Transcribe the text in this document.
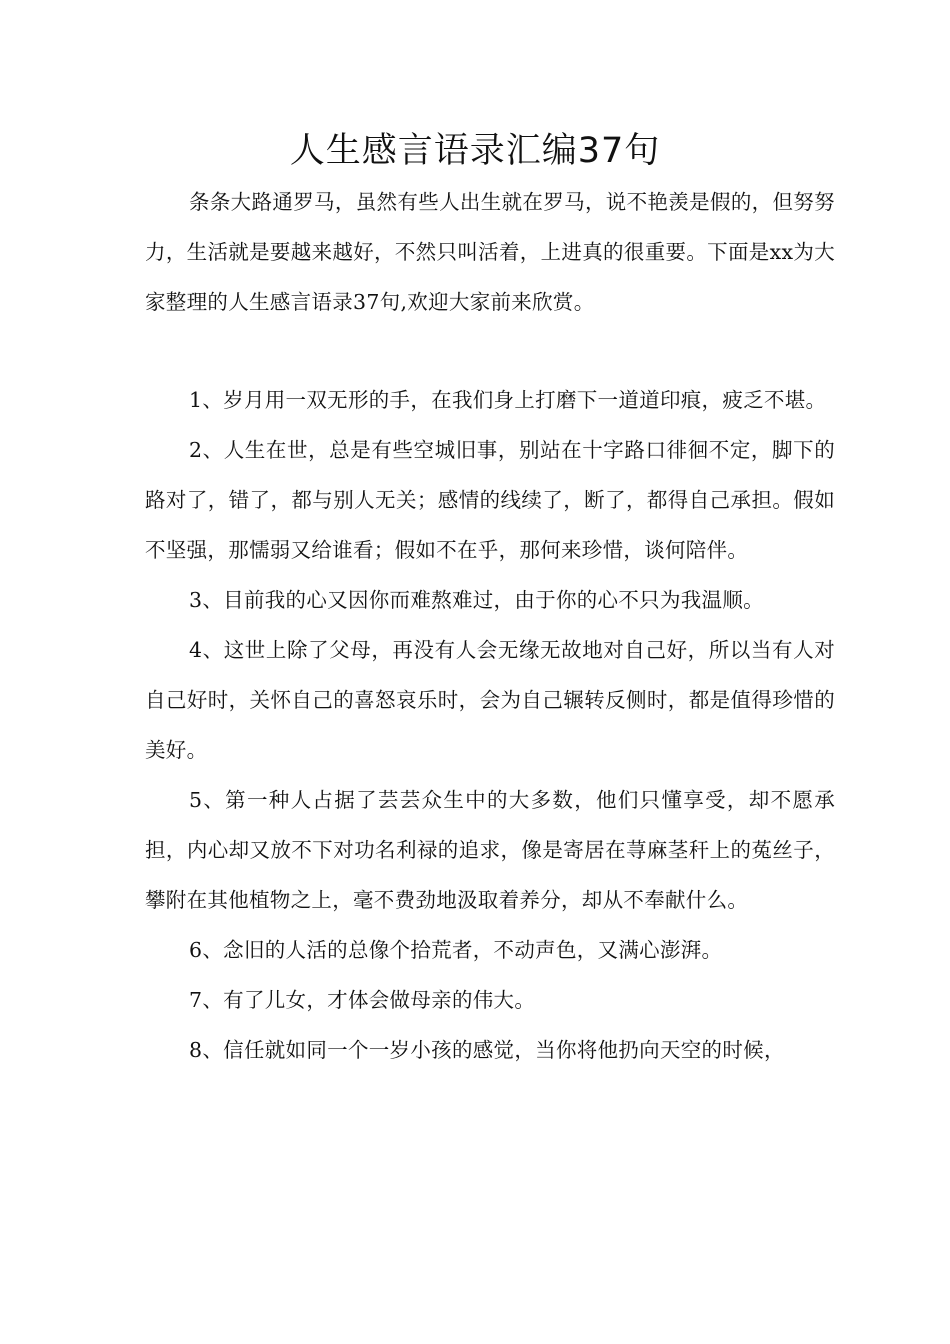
人生感言语录汇编37句

条条大路通罗马，虽然有些人出生就在罗马，说不艳羡是假的，但努努力，生活就是要越来越好，不然只叫活着，上进真的很重要。下面是xx为大家整理的人生感言语录37句,欢迎大家前来欣赏。

1、岁月用一双无形的手，在我们身上打磨下一道道印痕，疲乏不堪。

2、人生在世，总是有些空城旧事，别站在十字路口徘徊不定，脚下的路对了，错了，都与别人无关；感情的线续了，断了，都得自己承担。假如不坚强，那懦弱又给谁看；假如不在乎，那何来珍惜，谈何陪伴。

3、目前我的心又因你而难熬难过，由于你的心不只为我温顺。

4、这世上除了父母，再没有人会无缘无故地对自己好，所以当有人对自己好时，关怀自己的喜怒哀乐时，会为自己辗转反侧时，都是值得珍惜的美好。

5、第一种人占据了芸芸众生中的大多数，他们只懂享受，却不愿承担，内心却又放不下对功名利禄的追求，像是寄居在荨麻茎秆上的菟丝子，攀附在其他植物之上，毫不费劲地汲取着养分，却从不奉献什么。

6、念旧的人活的总像个拾荒者，不动声色，又满心澎湃。

7、有了儿女，才体会做母亲的伟大。

8、信任就如同一个一岁小孩的感觉，当你将他扔向天空的时候，
